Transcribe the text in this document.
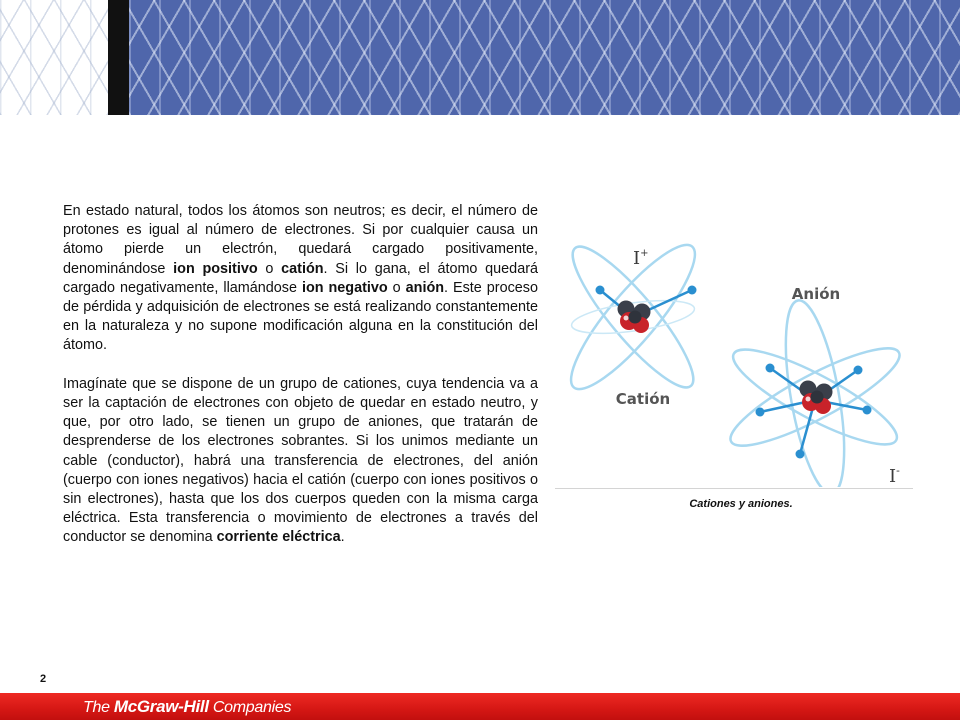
En estado natural, todos los átomos son neutros; es decir, el número de protones es igual al número de electrones. Si por cualquier causa un átomo pierde un electrón, quedará cargado positivamente, denominándose ion positivo o catión. Si lo gana, el átomo quedará cargado negativamente, llamándose ion negativo o anión. Este proceso de pérdida y adquisición de electrones se está realizando constantemente en la naturaleza y no supone modificación alguna en la constitución del átomo.

Imagínate que se dispone de un grupo de cationes, cuya tendencia va a ser la captación de electrones con objeto de quedar en estado neutro, y que, por otro lado, se tienen un grupo de aniones, que tratarán de desprenderse de los electrones sobrantes. Si los unimos mediante un cable (conductor), habrá una transferencia de electrones, del anión (cuerpo con iones negativos) hacia el catión (cuerpo con iones positivos o sin electrones), hasta que los dos cuerpos queden con la misma carga eléctrica. Esta transferencia o movimiento de electrones a través del conductor se denomina corriente eléctrica.

I+
Catión
Anión
I-
Cationes y aniones.
2
The McGraw-Hill Companies
